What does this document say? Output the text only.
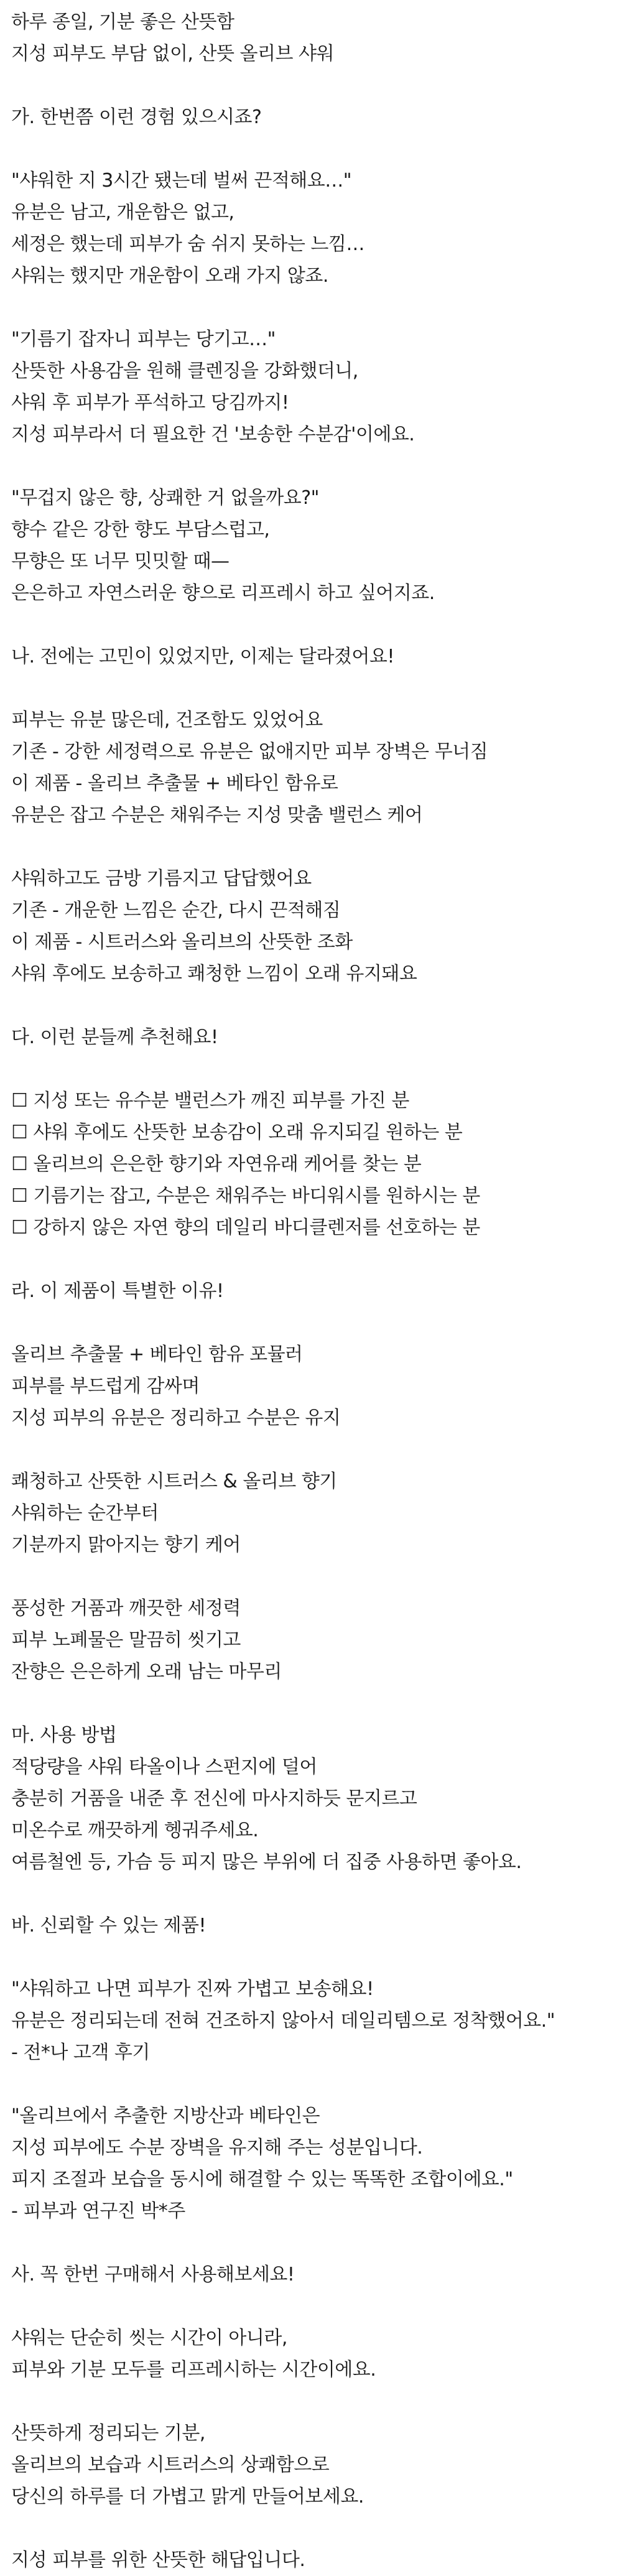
하루 종일, 기분 좋은 산뜻함
지성 피부도 부담 없이, 산뜻 올리브 샤워
가. 한번쯤 이런 경험 있으시죠?
"샤워한 지 3시간 됐는데 벌써 끈적해요…"
유분은 남고, 개운함은 없고,
세정은 했는데 피부가 숨 쉬지 못하는 느낌…
샤워는 했지만 개운함이 오래 가지 않죠.
"기름기 잡자니 피부는 당기고…"
산뜻한 사용감을 원해 클렌징을 강화했더니,
샤워 후 피부가 푸석하고 당김까지!
지성 피부라서 더 필요한 건 '보송한 수분감'이에요.
"무겁지 않은 향, 상쾌한 거 없을까요?"
향수 같은 강한 향도 부담스럽고,
무향은 또 너무 밋밋할 때—
은은하고 자연스러운 향으로 리프레시 하고 싶어지죠.
나. 전에는 고민이 있었지만, 이제는 달라졌어요!
피부는 유분 많은데, 건조함도 있었어요
기존 - 강한 세정력으로 유분은 없애지만 피부 장벽은 무너짐
이 제품 - 올리브 추출물 + 베타인 함유로
유분은 잡고 수분은 채워주는 지성 맞춤 밸런스 케어
샤워하고도 금방 기름지고 답답했어요
기존 - 개운한 느낌은 순간, 다시 끈적해짐
이 제품 - 시트러스와 올리브의 산뜻한 조화
샤워 후에도 보송하고 쾌청한 느낌이 오래 유지돼요
다. 이런 분들께 추천해요!
☐ 지성 또는 유수분 밸런스가 깨진 피부를 가진 분
☐ 샤워 후에도 산뜻한 보송감이 오래 유지되길 원하는 분
☐ 올리브의 은은한 향기와 자연유래 케어를 찾는 분
☐ 기름기는 잡고, 수분은 채워주는 바디워시를 원하시는 분
☐ 강하지 않은 자연 향의 데일리 바디클렌저를 선호하는 분
라. 이 제품이 특별한 이유!
올리브 추출물 + 베타인 함유 포뮬러
피부를 부드럽게 감싸며
지성 피부의 유분은 정리하고 수분은 유지
쾌청하고 산뜻한 시트러스 & 올리브 향기
샤워하는 순간부터
기분까지 맑아지는 향기 케어
풍성한 거품과 깨끗한 세정력
피부 노폐물은 말끔히 씻기고
잔향은 은은하게 오래 남는 마무리
마. 사용 방법
적당량을 샤워 타올이나 스펀지에 덜어
충분히 거품을 내준 후 전신에 마사지하듯 문지르고
미온수로 깨끗하게 헹궈주세요.
여름철엔 등, 가슴 등 피지 많은 부위에 더 집중 사용하면 좋아요.
바. 신뢰할 수 있는 제품!
"샤워하고 나면 피부가 진짜 가볍고 보송해요!
유분은 정리되는데 전혀 건조하지 않아서 데일리템으로 정착했어요."
- 전*나 고객 후기
"올리브에서 추출한 지방산과 베타인은
지성 피부에도 수분 장벽을 유지해 주는 성분입니다.
피지 조절과 보습을 동시에 해결할 수 있는 똑똑한 조합이에요."
- 피부과 연구진 박*주
사. 꼭 한번 구매해서 사용해보세요!
샤워는 단순히 씻는 시간이 아니라,
피부와 기분 모두를 리프레시하는 시간이에요.
산뜻하게 정리되는 기분,
올리브의 보습과 시트러스의 상쾌함으로
당신의 하루를 더 가볍고 맑게 만들어보세요.
지성 피부를 위한 산뜻한 해답입니다.
